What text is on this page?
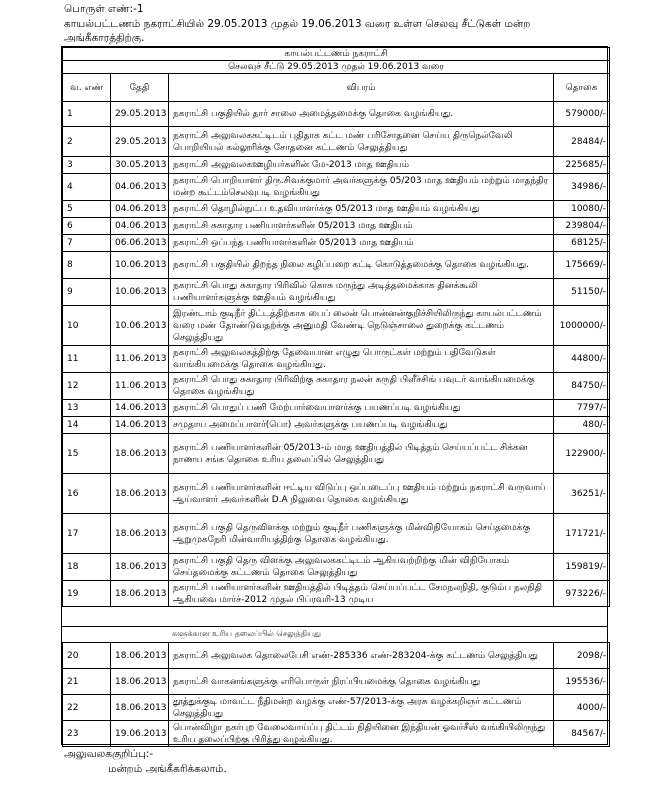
பொருள் எண்:-1
காயல்பட்டணம் நகராட்சியில் 29.05.2013 முதல் 19.06.2013 வரை உள்ள செலவு சீட்டுகள் மன்ற அங்கீகாரத்திற்கு.
காயல்பட்டணம் நகராட்சி			
செலவுச் சீட்டு 29.05.2013 முதல் 19.06.2013 வரை			
வ. எண்	தேதி	விபரம்	தொகை
1	29.05.2013	நகராட்சி பகுதியில் தார் சாலை அமைத்தமைக்கு தொகை வழங்கியது.	579000/-
2	29.05.2013	நகராட்சி அலுவலககட்டிடம் புதிதாக கட்ட மண் பரிசோதனை செய்ய திருநெல்வேலி பொறியியல் கல்லூரிக்கு சோதனை கட்டணம் செலுத்தியது	28484/-
3	30.05.2013	நகராட்சி அலுவலகஊழியர்களின் மே-2013 மாத ஊதியம்	225685/-
4	04.06.2013	நகராட்சி பொறியாளர் திரு.சிவக்குமார் அவர்களுக்கு 05/203 மாத ஊதியம் மற்றும் மாதந்திர மன்ற கூட்டம்செலவுபடி வழங்கியது	34986/-
5	04.06.2013	நகராட்சி தொழில்நுட்ப உதவியாளர்க்கு 05/2013 மாத ஊதியம் வழங்கியது	10080/-
6	04.06.2013	நகராட்சி சுகாதார பணியாளர்களின் 05/2013 மாத ஊதியம்	239804/-
7	06.06.2013	நகராட்சி ஒப்பந்த பணியாளர்களின் 05/2013 மாத ஊதியம்	68125/-
8	10.06.2013	நகராட்சி பகுதியில் திறந்த நிலை கழிப்பறை கட்டி கொடுத்தமைக்கு தொகை வழங்கியது.	175669/-
9	10.06.2013	நகராட்சி பொது சுகாதார பிரிவில் கொசு மருந்து அடித்தமைக்காக தினக்கூலி பணியாளர்களுக்கு ஊதியம் வழங்கியது	51150/-
10	10.06.2013	இரண்டாம் குடிநீர் திட்டத்திற்காக பைப் லைன் பொன்னன்குறிச்சியிலிருந்து காயல்பட்டணம் வரை மண் தோண்டுவதற்க்கு அனுமதி வேண்டி நெடுஞ்சாலை துறைக்கு கட்டணம் செலுத்தியது	1000000/-
11	11.06.2013	நகராட்சி அலுவலகத்திற்கு தேவையான எழுது பொருட்கள் மற்றும் பதிவேடுகள் வாங்கியமைக்கு தொகை வழங்கியது.	44800/-
12	11.06.2013	நகராட்சி பொது சுகாதார பிரிவிற்கு சுகாதார நலன் கருதி பிளீச்சிங் பவுடர் வாங்கியமைக்கு தொகை வழங்கியது	84750/-
13	14.06.2013	நகராட்சி பொதுப் பணி மேற்பார்வையாளர்க்கு பயணப்படி வழங்கியது	7797/-
14	14.06.2013	சமுதாய அமைப்பாளர்(பொ) அவர்களுக்கு பயணப்படி வழங்கியது	480/-
15	18.06.2013	நகராட்சி பணியாளர்களின் 05/2013-ம் மாத ஊதியத்தில் பிடித்தம் செய்யப்பட்ட சிக்கன நாணய சங்க தொகை உரிய தலைப்பில் செலுத்தியது	122900/-
16	18.06.2013	நகராட்சி பணியாளர்களின் ஈட்டிய விடுப்பு ஒப்படைப்பு ஊதியம் மற்றும் நகராட்சி வருவாய் ஆய்வாளர் அவர்களின் D.A நிலுவை தொகை வழங்கியது	36251/-
17	18.06.2013	நகராட்சி பகுதி தெருவிளக்கு மற்றும் குடிநீர் பணிகளுக்கு மின்விநியோகம் செய்தமைக்கு ஆறுமுகநேரி மின்வாரியத்திற்கு தொகை வழங்கியது.	171721/-
18	18.06.2013	நகராட்சி பகுதி தெரு விளக்கு அலுவலககட்டிடம் ஆகியவற்றிற்கு மின் விநியோகம் செய்தமைக்கு கட்டணம் தொகை செலுத்தியது	159819/-
19	18.06.2013	நகராட்சி பணியாளர்களின் ஊதியத்தில் பிடித்தம் செய்யப்பட்ட சேமநலநிதி, குடும்ப நலநிதி ஆகியவை மார்ச்-2012 முதல் பிப்ரவரி-13 முடிய	973226/-
களுக்கான உரிய தலைப்பில் செலுத்தியது
20	18.06.2013	நகராட்சி அலுவலக தொலைபேசி எண்-285336 எண்-283204-க்கு கட்டணம் செலுத்தியது	2098/-
21	18.06.2013	நகராட்சி வாகனங்களுக்கு எரிபொருள் நிரப்பியமைக்கு தொகை வழங்கியது	195536/-
22	18.06.2013	தூத்துக்குடி மாவட்ட நீதிமன்ற வழக்கு எண்-57/2013-க்கு அரசு வழக்கறிஞர் கட்டணம் செலுத்தியது	4000/-
23	19.06.2013	பொன்விழா நகர்புற வேலைவாய்ப்பு திட்டம் நிதியினை இந்தியன் ஓவர்சீஸ் வங்கியிலிருந்து உரிய தலைப்பிற்கு பிரித்து வழங்கியது.	84567/-
அலுவலககுறிப்பு:-
மன்றம் அங்கீகரிக்கலாம்.
